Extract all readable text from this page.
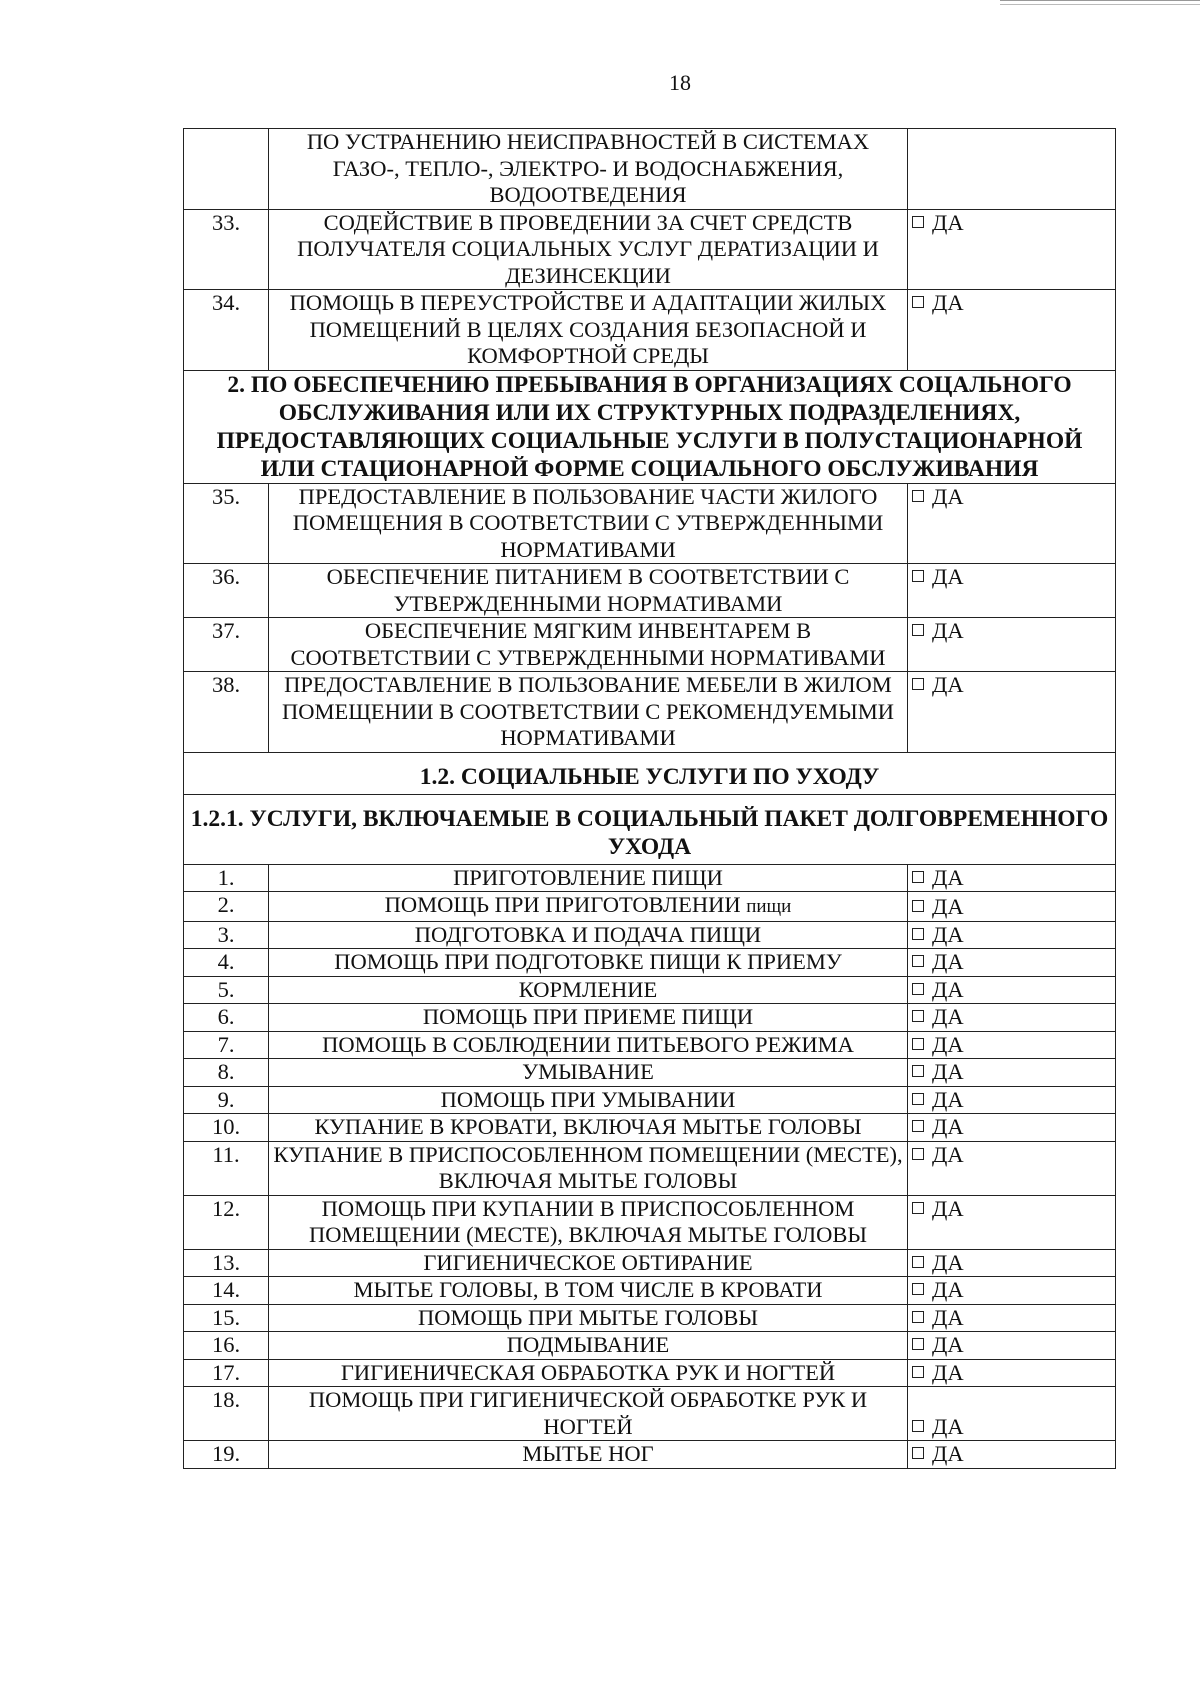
18
	ПО УСТРАНЕНИЮ НЕИСПРАВНОСТЕЙ В СИСТЕМАХ ГАЗО-, ТЕПЛО-, ЭЛЕКТРО- И ВОДОСНАБЖЕНИЯ, ВОДООТВЕДЕНИЯ	
33.	СОДЕЙСТВИЕ В ПРОВЕДЕНИИ ЗА СЧЕТ СРЕДСТВ ПОЛУЧАТЕЛЯ СОЦИАЛЬНЫХ УСЛУГ ДЕРАТИЗАЦИИ И ДЕЗИНСЕКЦИИ	ДА
34.	ПОМОЩЬ В ПЕРЕУСТРОЙСТВЕ И АДАПТАЦИИ ЖИЛЫХ ПОМЕЩЕНИЙ В ЦЕЛЯХ СОЗДАНИЯ БЕЗОПАСНОЙ И КОМФОРТНОЙ СРЕДЫ	ДА
2. ПО ОБЕСПЕЧЕНИЮ ПРЕБЫВАНИЯ В ОРГАНИЗАЦИЯХ СОЦАЛЬНОГО ОБСЛУЖИВАНИЯ ИЛИ ИХ СТРУКТУРНЫХ ПОДРАЗДЕЛЕНИЯХ, ПРЕДОСТАВЛЯЮЩИХ СОЦИАЛЬНЫЕ УСЛУГИ В ПОЛУСТАЦИОНАРНОЙ ИЛИ СТАЦИОНАРНОЙ ФОРМЕ СОЦИАЛЬНОГО ОБСЛУЖИВАНИЯ		
35.	ПРЕДОСТАВЛЕНИЕ В ПОЛЬЗОВАНИЕ ЧАСТИ ЖИЛОГО ПОМЕЩЕНИЯ В СООТВЕТСТВИИ С УТВЕРЖДЕННЫМИ НОРМАТИВАМИ	ДА
36.	ОБЕСПЕЧЕНИЕ ПИТАНИЕМ В СООТВЕТСТВИИ С УТВЕРЖДЕННЫМИ НОРМАТИВАМИ	ДА
37.	ОБЕСПЕЧЕНИЕ МЯГКИМ ИНВЕНТАРЕМ В СООТВЕТСТВИИ С УТВЕРЖДЕННЫМИ НОРМАТИВАМИ	ДА
38.	ПРЕДОСТАВЛЕНИЕ В ПОЛЬЗОВАНИЕ МЕБЕЛИ В ЖИЛОМ ПОМЕЩЕНИИ В СООТВЕТСТВИИ С РЕКОМЕНДУЕМЫМИ НОРМАТИВАМИ	ДА
1.2. СОЦИАЛЬНЫЕ УСЛУГИ ПО УХОДУ		
1.2.1. УСЛУГИ, ВКЛЮЧАЕМЫЕ В СОЦИАЛЬНЫЙ ПАКЕТ ДОЛГОВРЕМЕННОГО УХОДА		
1.	ПРИГОТОВЛЕНИЕ ПИЩИ	ДА
2.	ПОМОЩЬ ПРИ ПРИГОТОВЛЕНИИ пищи	ДА
3.	ПОДГОТОВКА И ПОДАЧА ПИЩИ	ДА
4.	ПОМОЩЬ ПРИ ПОДГОТОВКЕ ПИЩИ К ПРИЕМУ	ДА
5.	КОРМЛЕНИЕ	ДА
6.	ПОМОЩЬ ПРИ ПРИЕМЕ ПИЩИ	ДА
7.	ПОМОЩЬ В СОБЛЮДЕНИИ ПИТЬЕВОГО РЕЖИМА	ДА
8.	УМЫВАНИЕ	ДА
9.	ПОМОЩЬ ПРИ УМЫВАНИИ	ДА
10.	КУПАНИЕ В КРОВАТИ, ВКЛЮЧАЯ МЫТЬЕ ГОЛОВЫ	ДА
11.	КУПАНИЕ В ПРИСПОСОБЛЕННОМ ПОМЕЩЕНИИ (МЕСТЕ), ВКЛЮЧАЯ МЫТЬЕ ГОЛОВЫ	ДА
12.	ПОМОЩЬ ПРИ КУПАНИИ В ПРИСПОСОБЛЕННОМ ПОМЕЩЕНИИ (МЕСТЕ), ВКЛЮЧАЯ МЫТЬЕ ГОЛОВЫ	ДА
13.	ГИГИЕНИЧЕСКОЕ ОБТИРАНИЕ	ДА
14.	МЫТЬЕ ГОЛОВЫ, В ТОМ ЧИСЛЕ В КРОВАТИ	ДА
15.	ПОМОЩЬ ПРИ МЫТЬЕ ГОЛОВЫ	ДА
16.	ПОДМЫВАНИЕ	ДА
17.	ГИГИЕНИЧЕСКАЯ ОБРАБОТКА РУК И НОГТЕЙ	ДА
18.	ПОМОЩЬ ПРИ ГИГИЕНИЧЕСКОЙ ОБРАБОТКЕ РУК И НОГТЕЙ	ДА
19.	МЫТЬЕ НОГ	ДА
